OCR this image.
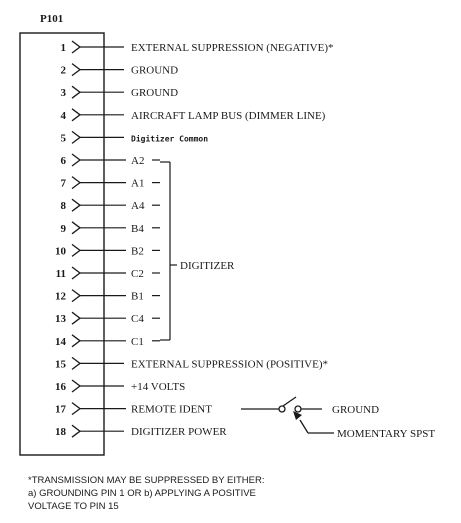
P101
1	EXTERNAL SUPPRESSION (NEGATIVE)*
2	GROUND
3	GROUND
4	AIRCRAFT LAMP BUS (DIMMER LINE)
5	Digitizer Common
6	A2
7	A1
8	A4
9	B4
10	B2
11	C2
12	B1
13	C4
14	C1
15	EXTERNAL SUPPRESSION (POSITIVE)*
16	+14 VOLTS
17	REMOTE IDENT
18	DIGITIZER POWER
DIGITIZER
GROUND
MOMENTARY SPST
*TRANSMISSION MAY BE SUPPRESSED BY EITHER:
a) GROUNDING PIN 1 OR b) APPLYING A POSITIVE
VOLTAGE TO PIN 15
